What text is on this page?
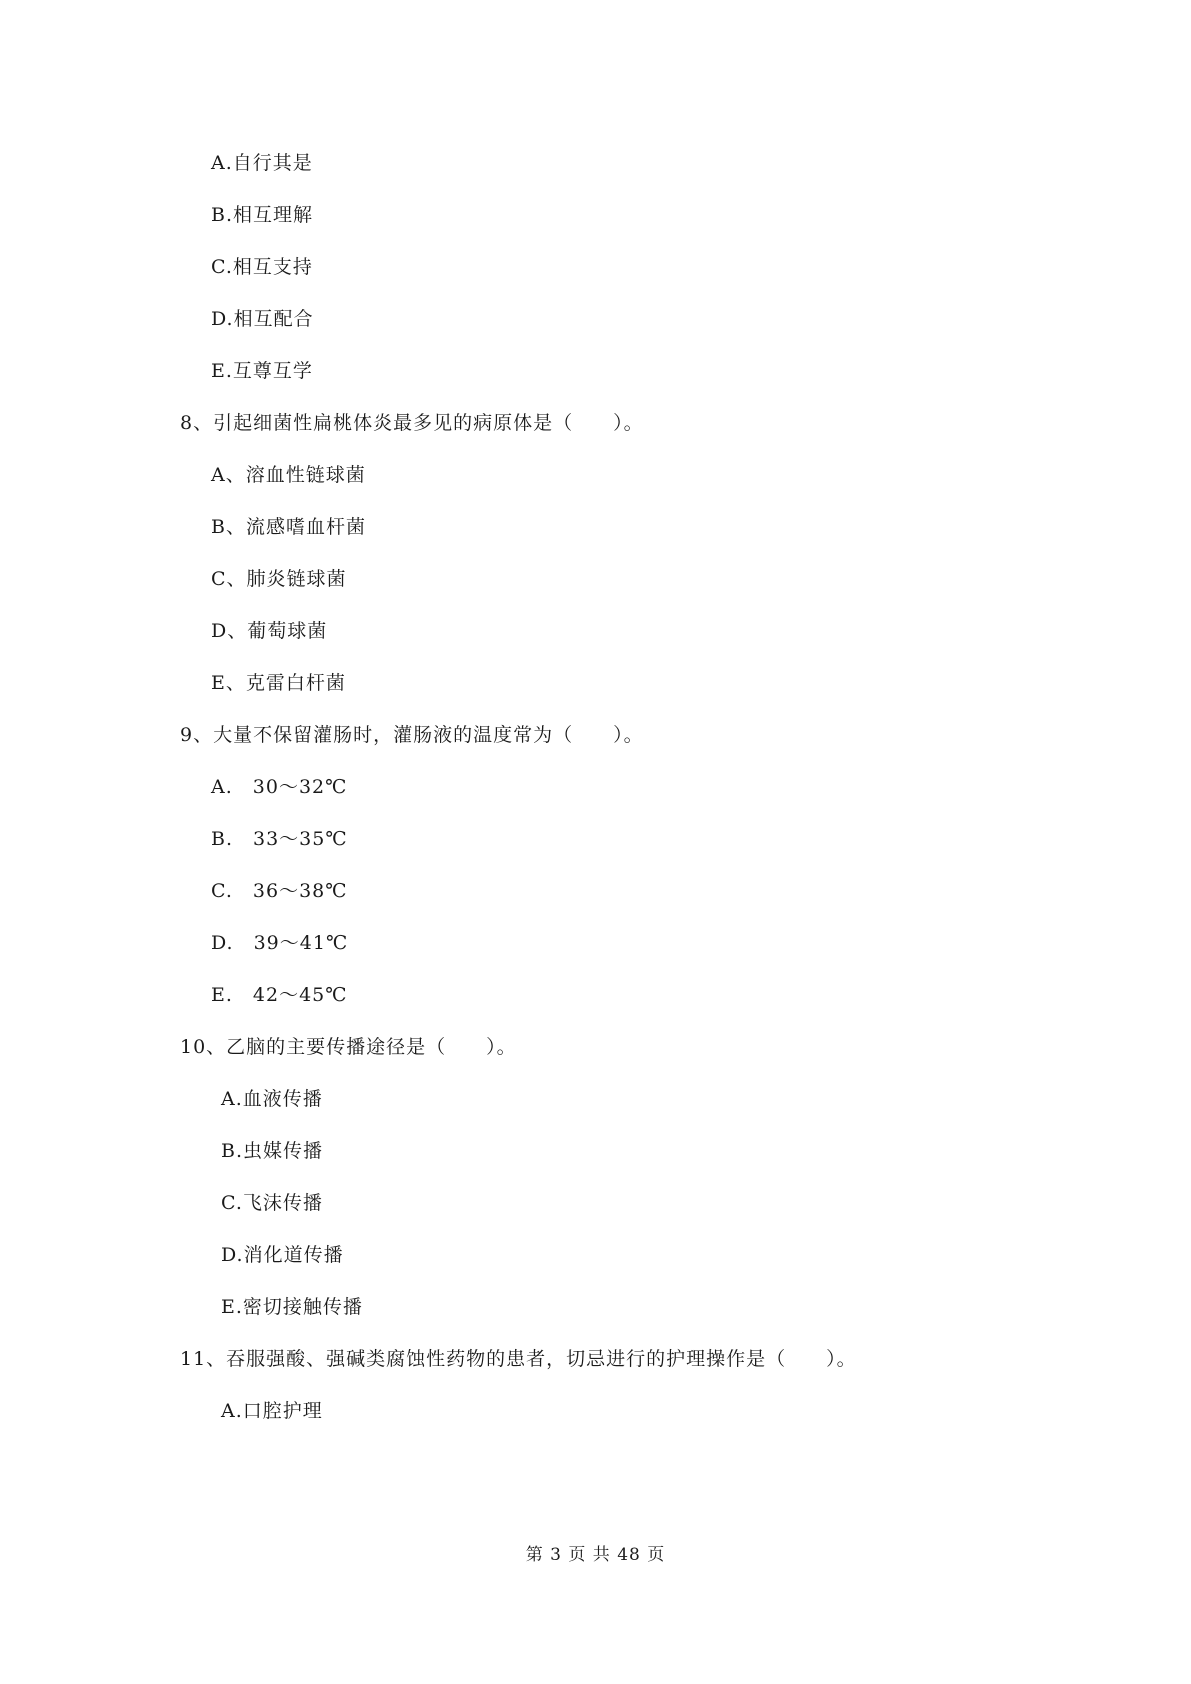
A.自行其是
B.相互理解
C.相互支持
D.相互配合
E.互尊互学
8、引起细菌性扁桃体炎最多见的病原体是（　　）。
A、溶血性链球菌
B、流感嗜血杆菌
C、肺炎链球菌
D、葡萄球菌
E、克雷白杆菌
9、大量不保留灌肠时，灌肠液的温度常为（　　）。
A.　30～32℃
B.　33～35℃
C.　36～38℃
D.　39～41℃
E.　42～45℃
10、乙脑的主要传播途径是（　　）。
A.血液传播
B.虫媒传播
C.飞沫传播
D.消化道传播
E.密切接触传播
11、吞服强酸、强碱类腐蚀性药物的患者，切忌进行的护理操作是（　　）。
A.口腔护理
第 3 页 共 48 页
